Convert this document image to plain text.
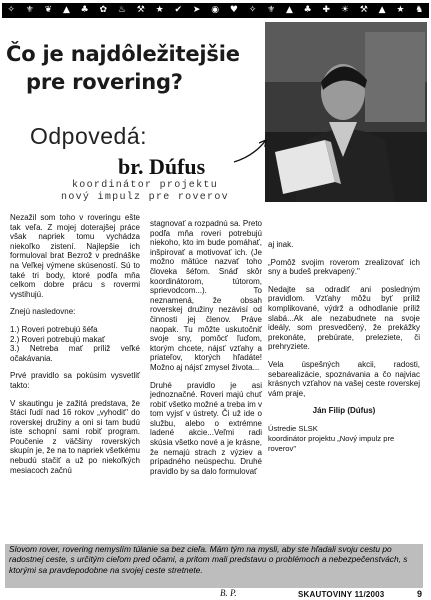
✧ ⚜ ❦ ▲ ♣ ✿ ♨ ⚒ ★ ✔ ➤ ◉ ♥ ✧ ⚜ ▲ ♣ ✚ ☀ ⚒ ▲ ★ ♞
Čo je najdôležitejšie
pre rovering?
Odpovedá:
br. Dúfus
koordinátor projektu
nový impulz pre roverov

Nezažil som toho v roveringu ešte tak veľa. Z mojej doterajšej práce však napriek tomu vychádza niekoľko zistení. Najlepšie ich formuloval brat Bezrož v prednáške na Veľkej výmene skúseností. Sú to také tri body, ktoré podľa mňa celkom dobre prácu s rovermi vystihujú.

Znejú nasledovne:

1.) Roveri potrebujú šéfa

2.) Roveri potrebujú makať

3.) Netreba mať príliž veľké očakávania.

Prvé pravidlo sa pokúsim vysvetliť takto:

V skautingu je zažitá predstava, že štáci ľudí nad 16 rokov „vyhodit" do roverskej družiny a oni si tam budú iste schopní sami robiť program. Poučenie z väčšiny roverských skupín je, že na to napriek všetkému nebudú stačiť a už po niekoľkých mesiacoch začnú

stagnovať a rozpadnú sa. Preto podľa mňa roveri potrebujú niekoho, kto im bude pomáhať, inšpirovať a motivovať ich. (Je možno mätúce nazvať toho človeka šéfom. Snáď skôr koordinátorom, tútorom, sprievodcom...). To neznamená, že obsah roverskej družiny nezávisí od činnosti jej členov. Práve naopak. Tu môžte uskutočniť svoje sny, pomôcť ľuďom, ktorým chcete, nájsť vzťahy a priateľov, ktorých hľadáte! Možno aj nájsť zmysel života...

Druhé pravidlo je asi jednoznačné. Roveri majú chuť robiť všetko možné a treba im v tom vyjsť v ústrety. Či už ide o službu, alebo o extrémne ladené akcie...Veľmi radi skúsia všetko nové a je krásne, že nemajú strach z výziev a prípadného neúspechu. Druhé pravidlo by sa dalo formulovať

aj inak.

„Pomôž svojim roverom zrealizovať ich sny a budeš prekvapený."

Nedajte sa odradiť ani posledným pravidlom. Vzťahy môžu byť príliž komplikované, výdrž a odhodlanie príliž slabá...Ak ale nezabudnete na svoje ideály, som presvedčený, že prekážky prekonáte, prebúrate, preleziete, či prehryziete.

Vela úspešných akcii, radosti, sebarealizácie, spoznávania a čo najviac krásnych vzťahov na vašej ceste roverskej vám praje,

Ján Filip (Dúfus)
Ústredie SLSK
koordinátor projektu „Nový impulz pre roverov"
Slovom rover, rovering nemyslím túlanie sa bez cieľa. Mám tým na mysli, aby ste hľadali svoju cestu po radostnej ceste, s určitým cieľom pred očami, a pritom mali predstavu o problémoch a nebezpečenstvách, s ktorými sa pravdepodobne na svojej ceste stretnete.
B. P.	SKAUTOVINY 11/2003	9
